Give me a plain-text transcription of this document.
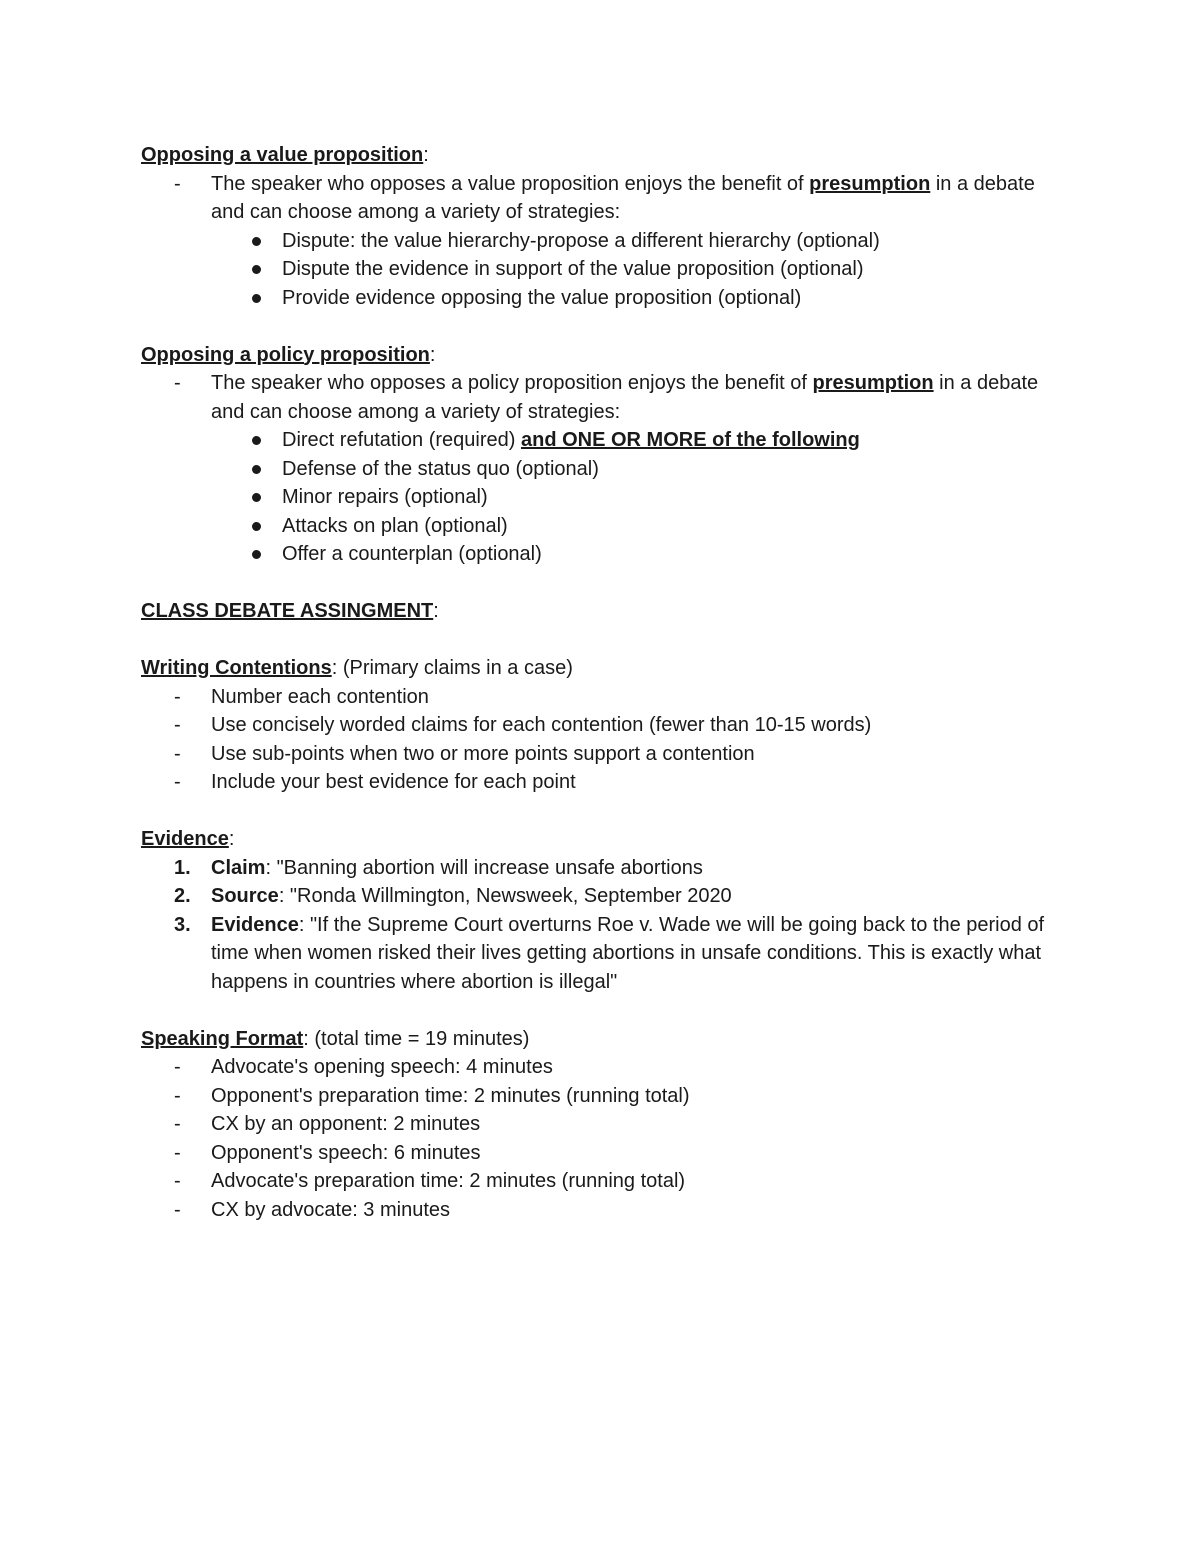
Opposing a value proposition:

- The speaker who opposes a value proposition enjoys the benefit of presumption in a debate and can choose among a variety of strategies:
Dispute: the value hierarchy-propose a different hierarchy (optional)
Dispute the evidence in support of the value proposition (optional)
Provide evidence opposing the value proposition (optional)

Opposing a policy proposition:

- The speaker who opposes a policy proposition enjoys the benefit of presumption in a debate and can choose among a variety of strategies:
Direct refutation (required) and ONE OR MORE of the following
Defense of the status quo (optional)
Minor repairs (optional)
Attacks on plan (optional)
Offer a counterplan (optional)

CLASS DEBATE ASSINGMENT:

Writing Contentions: (Primary claims in a case)

- Number each contention
- Use concisely worded claims for each contention (fewer than 10-15 words)
- Use sub-points when two or more points support a contention
- Include your best evidence for each point

Evidence:

1. Claim: "Banning abortion will increase unsafe abortions
2. Source: "Ronda Willmington, Newsweek, September 2020
3. Evidence: "If the Supreme Court overturns Roe v. Wade we will be going back to the period of time when women risked their lives getting abortions in unsafe conditions. This is exactly what happens in countries where abortion is illegal"

Speaking Format: (total time = 19 minutes)

- Advocate's opening speech: 4 minutes
- Opponent's preparation time: 2 minutes (running total)
- CX by an opponent: 2 minutes
- Opponent's speech: 6 minutes
- Advocate's preparation time: 2 minutes (running total)
- CX by advocate: 3 minutes
